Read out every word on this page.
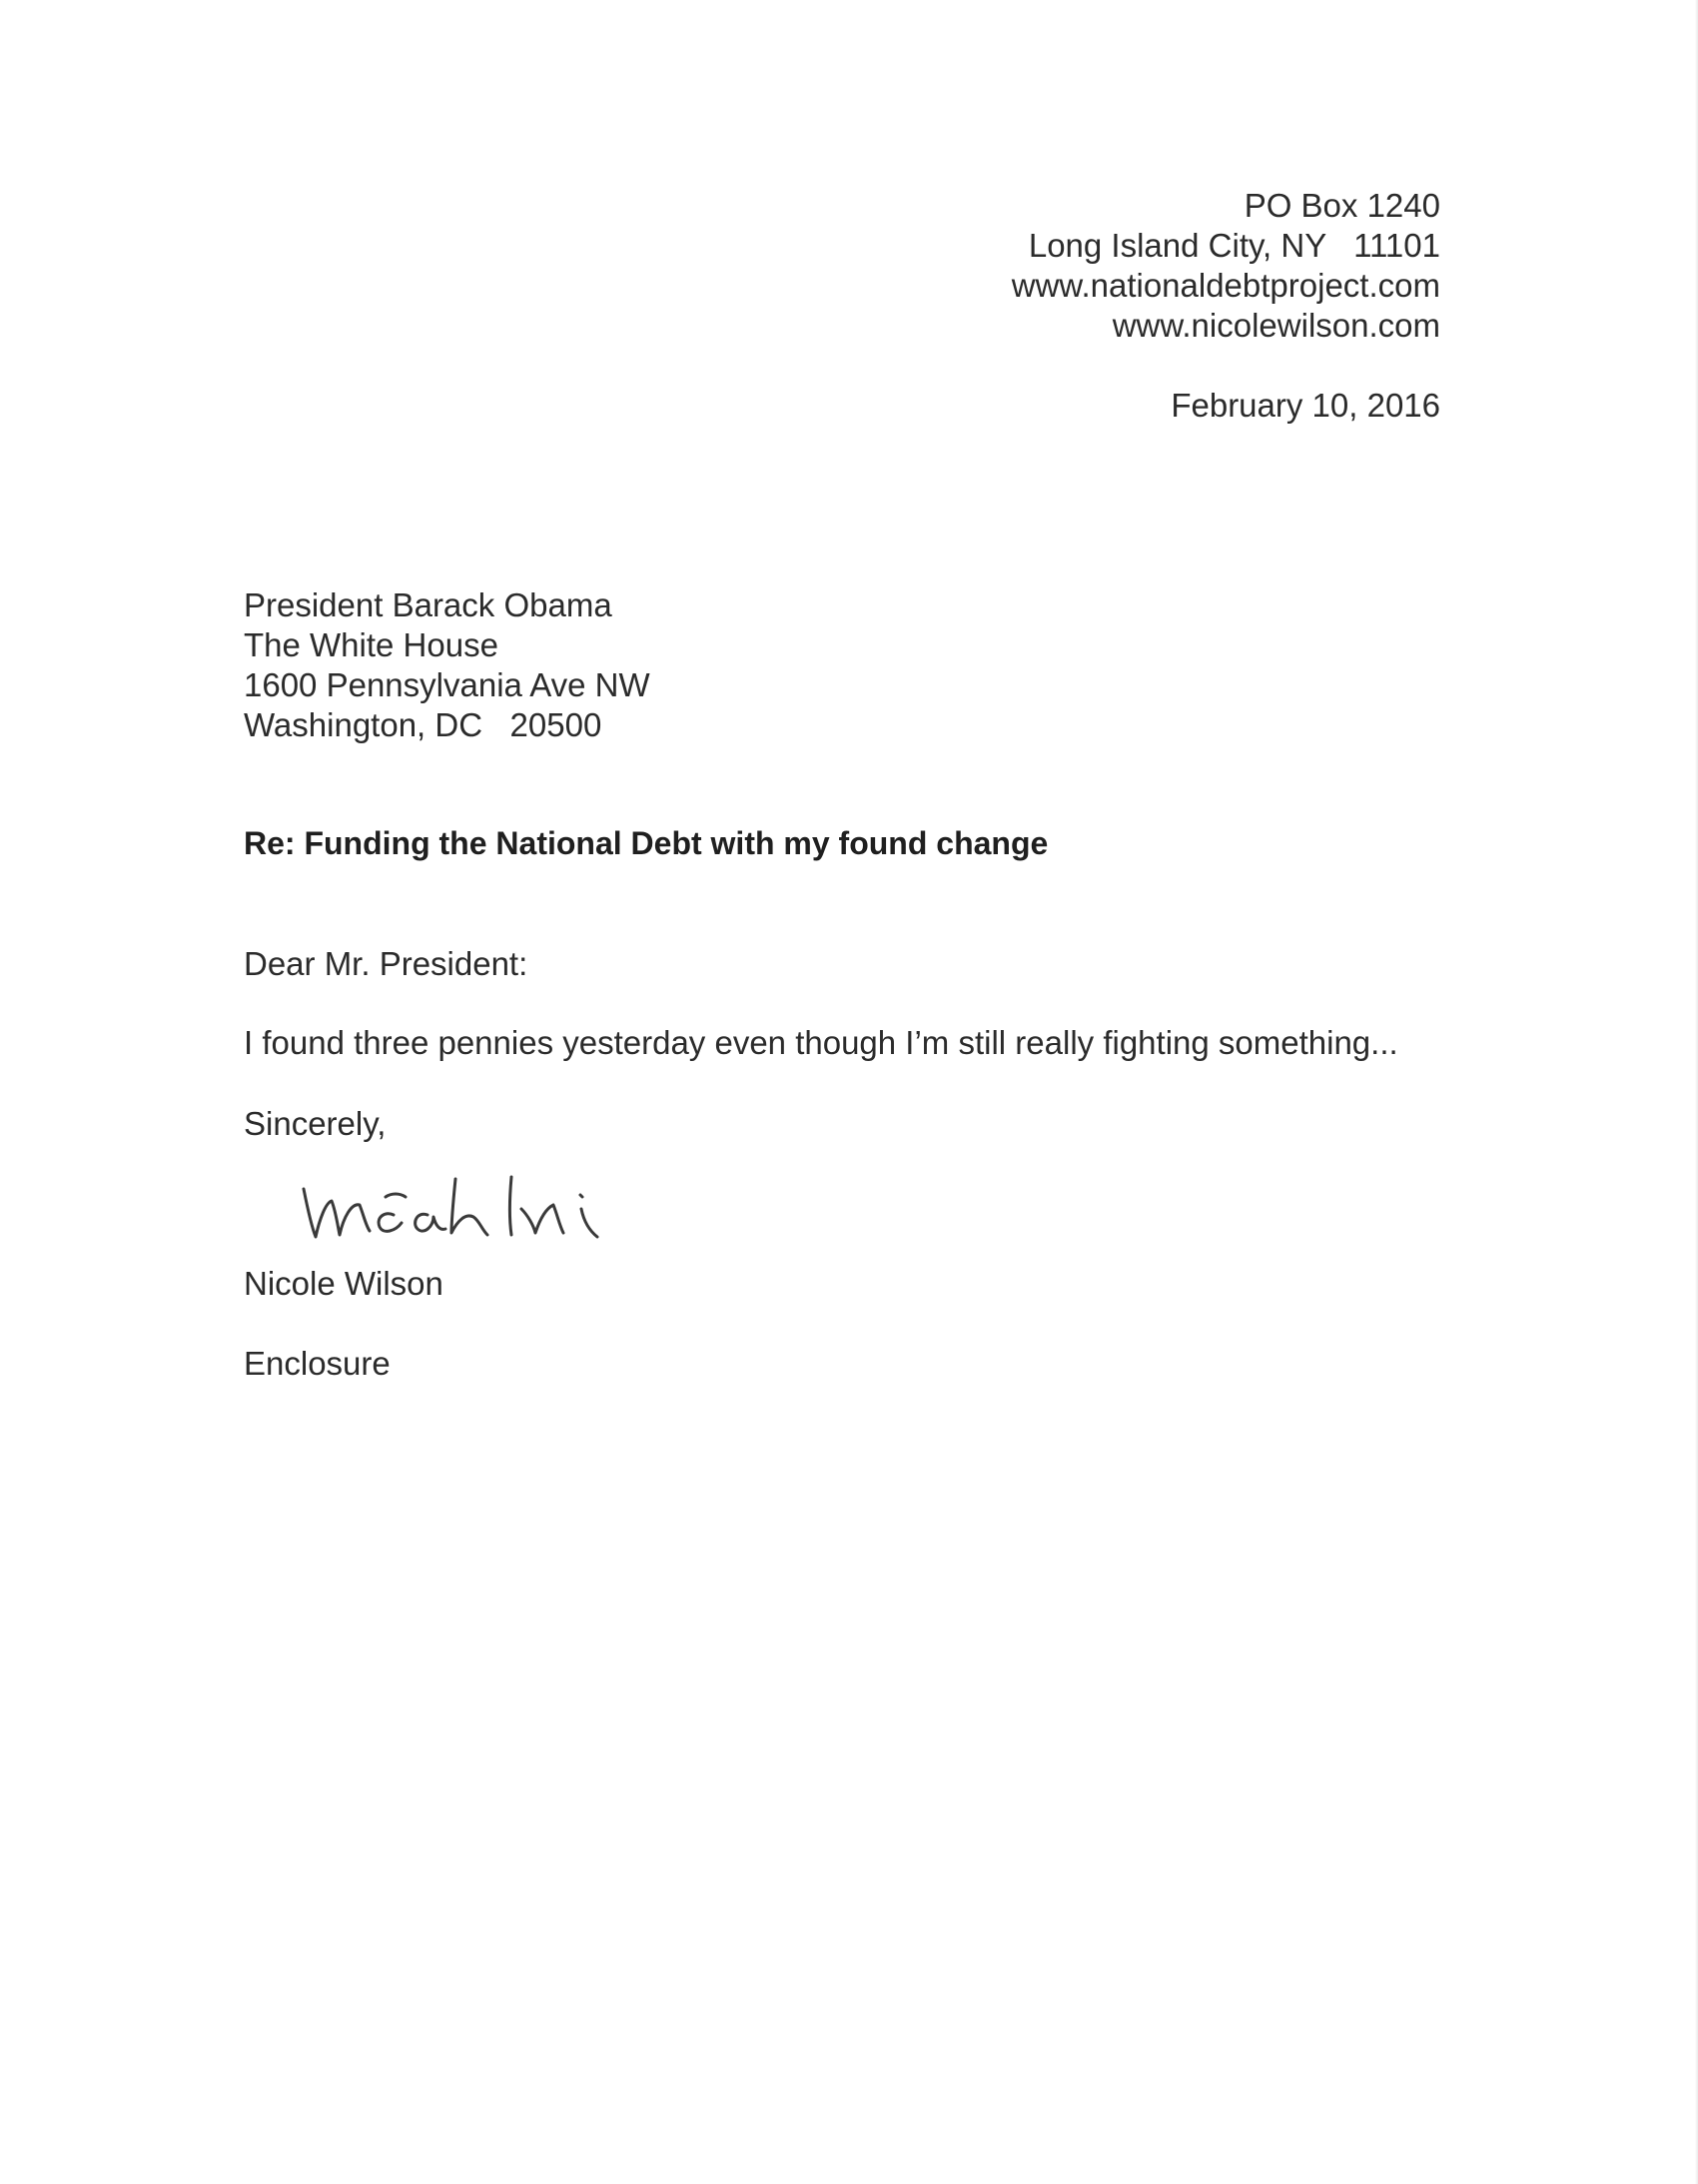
PO Box 1240
Long Island City, NY   11101
www.nationaldebtproject.com
www.nicolewilson.com
February 10, 2016
President Barack Obama
The White House
1600 Pennsylvania Ave NW
Washington, DC   20500
Re: Funding the National Debt with my found change
Dear Mr. President:
I found three pennies yesterday even though I’m still really fighting something...
Sincerely,
Nicole Wilson
Enclosure
